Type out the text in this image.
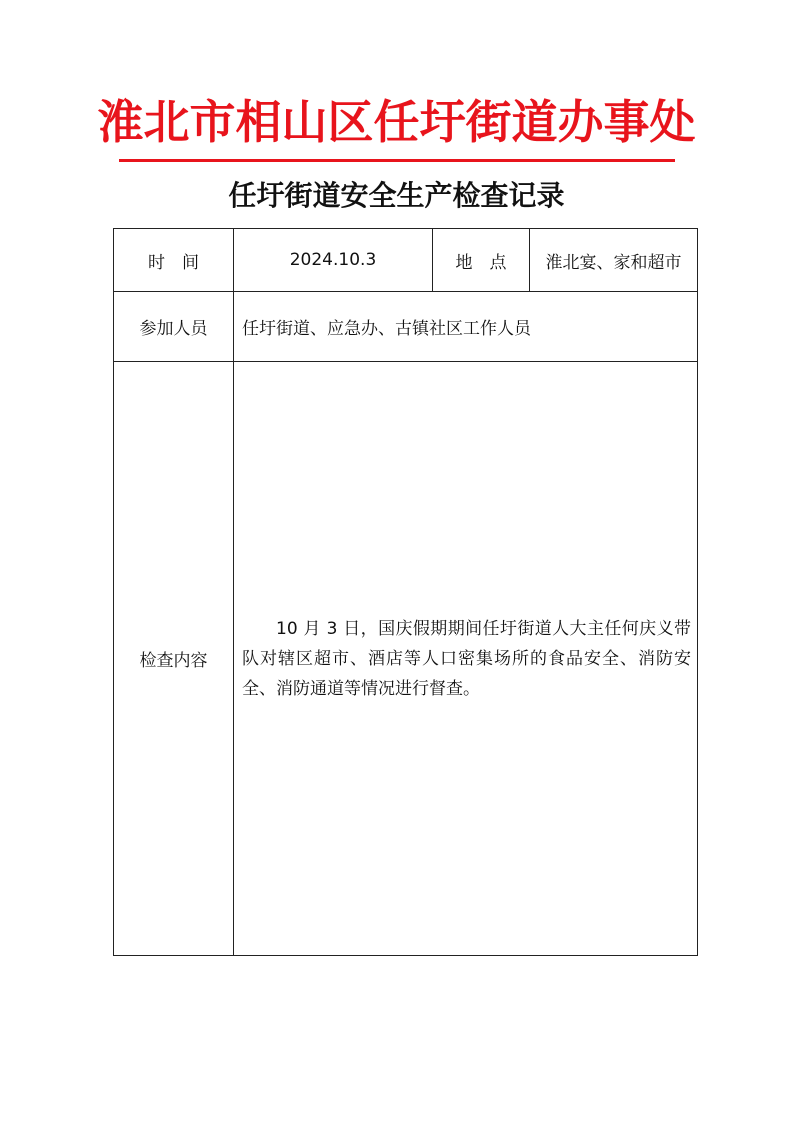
淮北市相山区任圩街道办事处
任圩街道安全生产检查记录
时　间	2024.10.3	地　点	淮北宴、家和超市
参加人员	任圩街道、应急办、古镇社区工作人员		
检查内容	10 月 3 日，国庆假期期间任圩街道人大主任何庆义带队对辖区超市、酒店等人口密集场所的食品安全、消防安全、消防通道等情况进行督查。		
